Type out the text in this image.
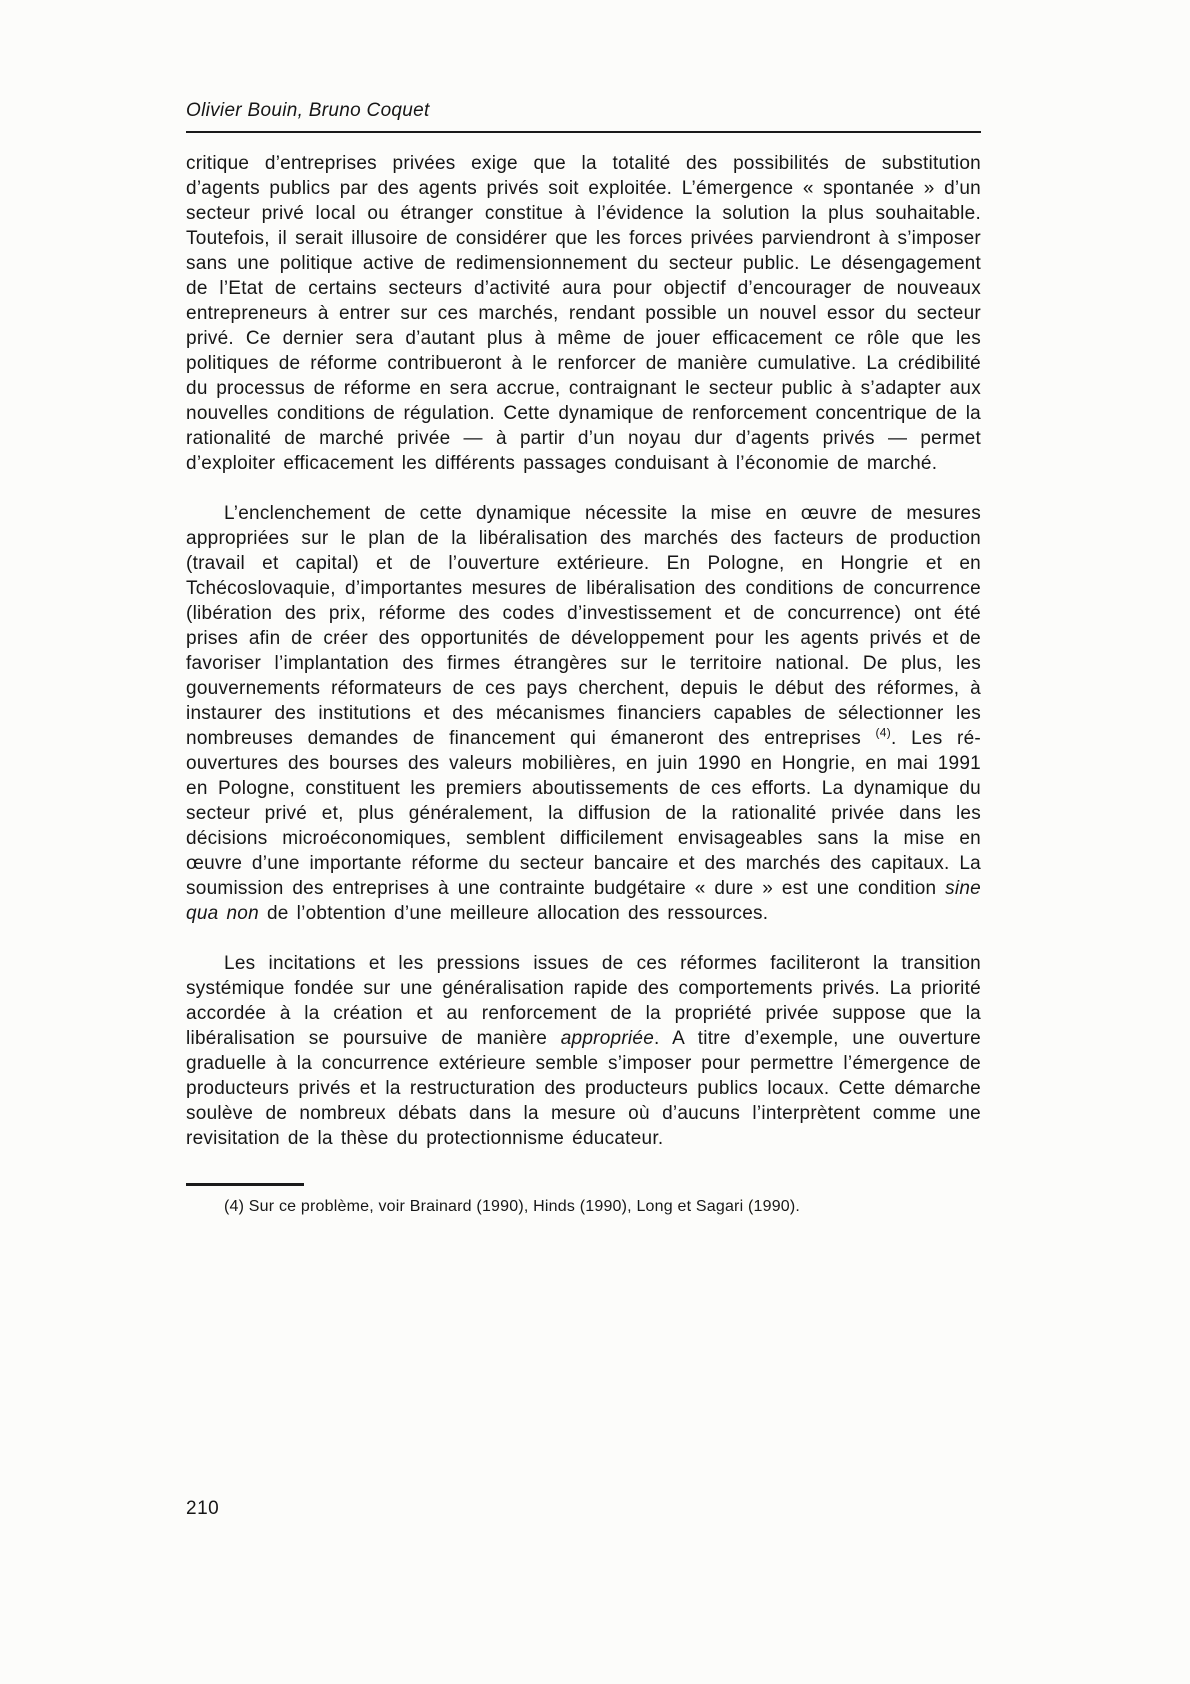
Olivier Bouin, Bruno Coquet

critique d’entreprises privées exige que la totalité des possibilités de substitution d’agents publics par des agents privés soit exploitée. L’émergence « spontanée » d’un secteur privé local ou étranger constitue à l’évidence la solution la plus souhaitable. Toutefois, il serait illusoire de considérer que les forces privées parviendront à s’imposer sans une politique active de redimensionnement du secteur public. Le désengagement de l’Etat de certains secteurs d’activité aura pour objectif d’encourager de nouveaux entrepreneurs à entrer sur ces marchés, rendant possible un nouvel essor du secteur privé. Ce dernier sera d’autant plus à même de jouer efficacement ce rôle que les politiques de réforme contribueront à le renforcer de manière cumulative. La crédibilité du processus de réforme en sera accrue, contraignant le secteur public à s’adapter aux nouvelles conditions de régulation. Cette dynamique de renforcement concentrique de la rationalité de marché privée — à partir d’un noyau dur d’agents privés — permet d’exploiter efficacement les différents passages conduisant à l’économie de marché.

L’enclenchement de cette dynamique nécessite la mise en œuvre de mesures appropriées sur le plan de la libéralisation des marchés des facteurs de production (travail et capital) et de l’ouverture extérieure. En Pologne, en Hongrie et en Tchécoslovaquie, d’importantes mesures de libéralisation des conditions de concurrence (libération des prix, réforme des codes d’investissement et de concurrence) ont été prises afin de créer des opportunités de développement pour les agents privés et de favoriser l’implantation des firmes étrangères sur le territoire national. De plus, les gouvernements réformateurs de ces pays cherchent, depuis le début des réformes, à instaurer des institutions et des mécanismes financiers capables de sélectionner les nombreuses demandes de financement qui émaneront des entreprises $^{(4)}$. Les ré-ouvertures des bourses des valeurs mobilières, en juin 1990 en Hongrie, en mai 1991 en Pologne, constituent les premiers aboutissements de ces efforts. La dynamique du secteur privé et, plus généralement, la diffusion de la rationalité privée dans les décisions microéconomiques, semblent difficilement envisageables sans la mise en œuvre d’une importante réforme du secteur bancaire et des marchés des capitaux. La soumission des entreprises à une contrainte budgétaire « dure » est une condition sine qua non de l’obtention d’une meilleure allocation des ressources.

Les incitations et les pressions issues de ces réformes faciliteront la transition systémique fondée sur une généralisation rapide des comportements privés. La priorité accordée à la création et au renforcement de la propriété privée suppose que la libéralisation se poursuive de manière appropriée. A titre d’exemple, une ouverture graduelle à la concurrence extérieure semble s’imposer pour permettre l’émergence de producteurs privés et la restructuration des producteurs publics locaux. Cette démarche soulève de nombreux débats dans la mesure où d’aucuns l’interprètent comme une revisitation de la thèse du protectionnisme éducateur.

(4) Sur ce problème, voir Brainard (1990), Hinds (1990), Long et Sagari (1990).

210
